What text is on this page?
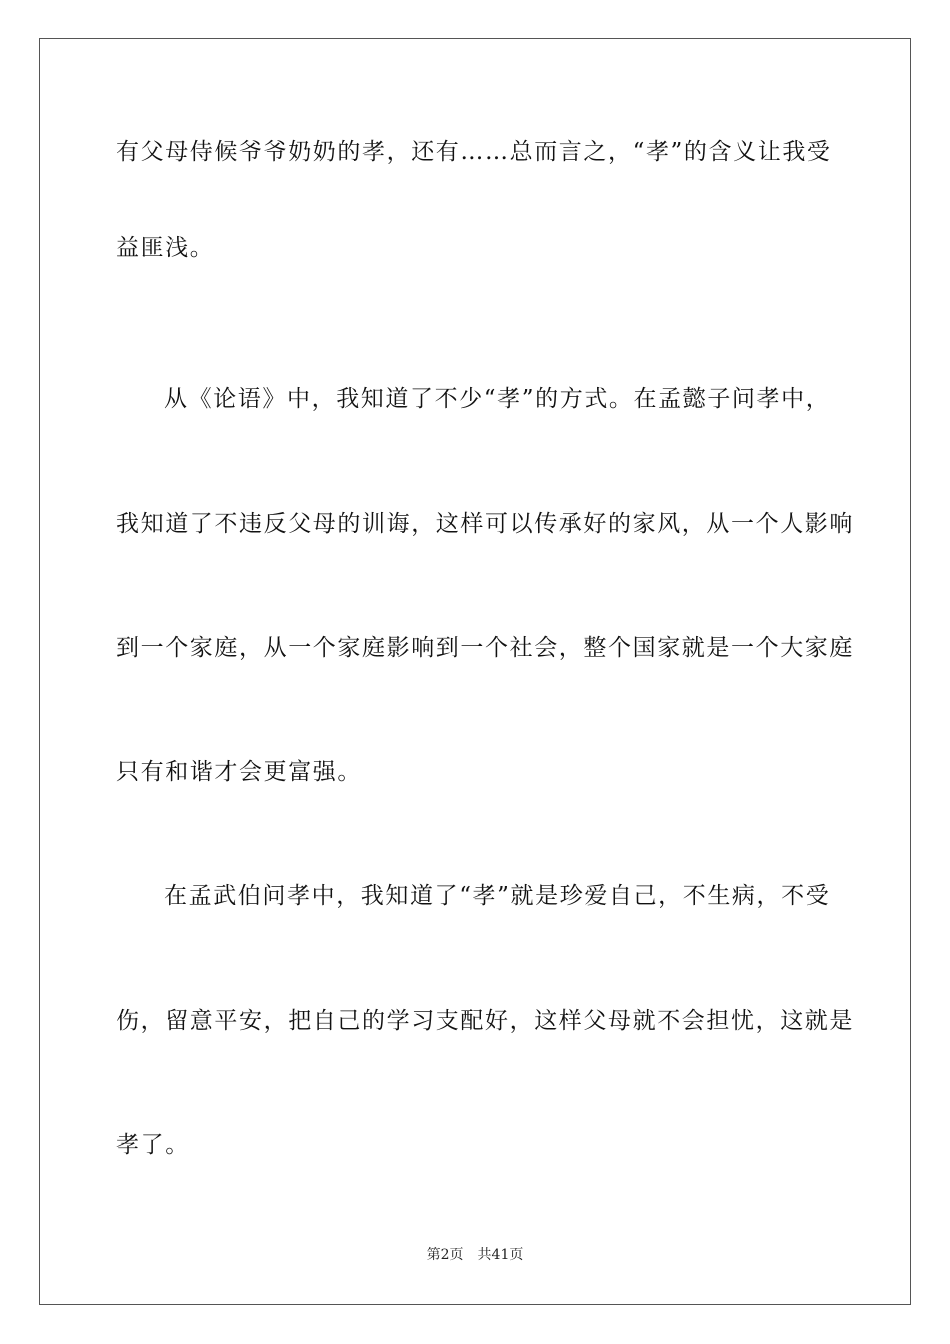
有父母侍候爷爷奶奶的孝，还有……总而言之，“孝”的含义让我受
益匪浅。
从《论语》中，我知道了不少“孝”的方式。在孟懿子问孝中，
我知道了不违反父母的训诲，这样可以传承好的家风，从一个人影响
到一个家庭，从一个家庭影响到一个社会，整个国家就是一个大家庭
只有和谐才会更富强。
在孟武伯问孝中，我知道了“孝”就是珍爱自己，不生病，不受
伤，留意平安，把自己的学习支配好，这样父母就不会担忧，这就是
孝了。
第2页 共41页
